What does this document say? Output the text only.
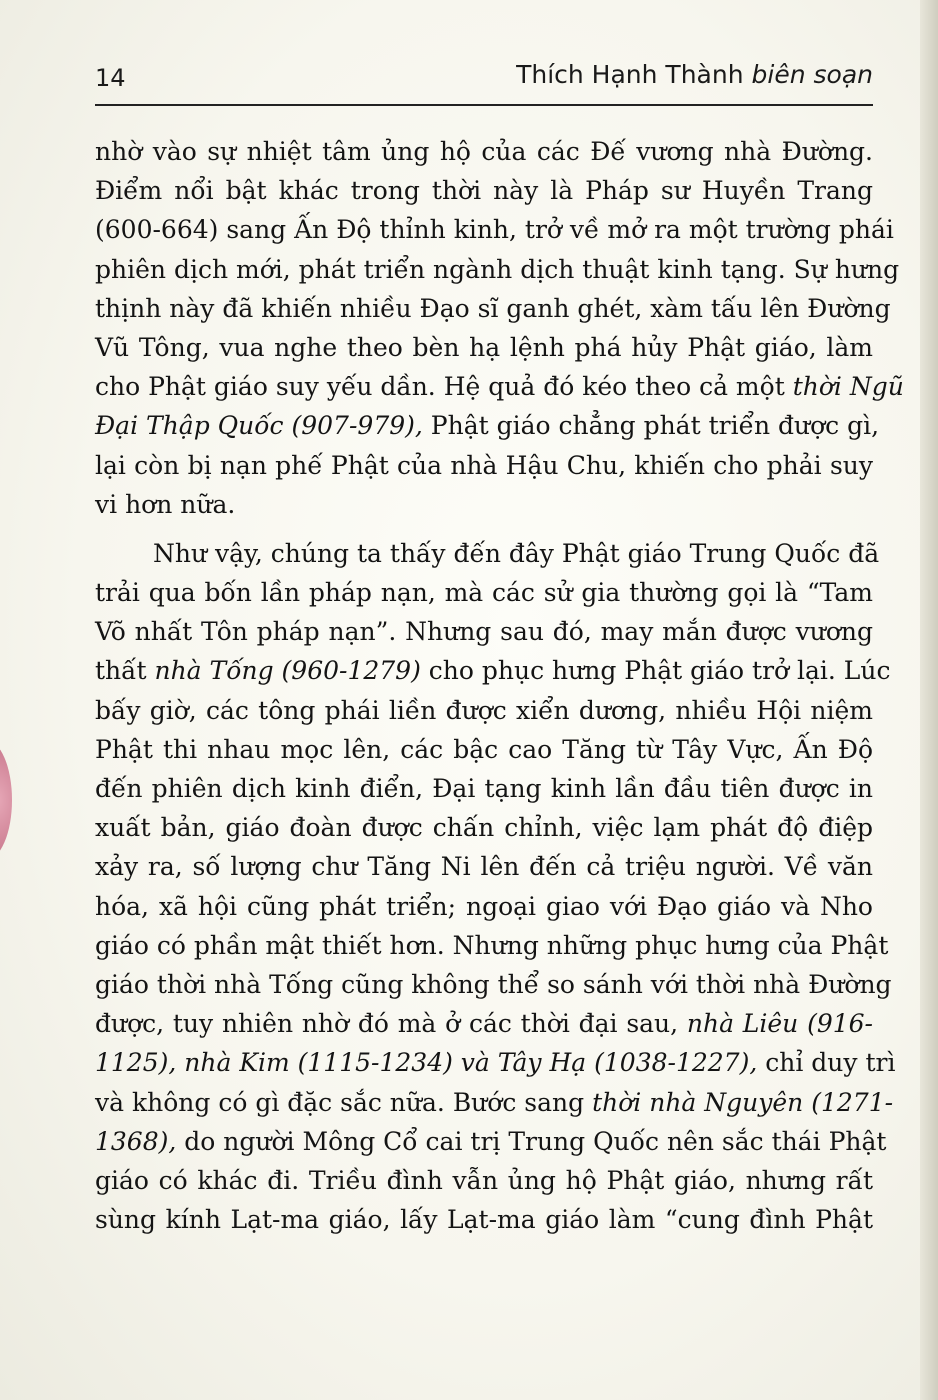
14	Thích Hạnh Thành biên soạn
nhờ vào sự nhiệt tâm ủng hộ của các Đế vương nhà Đường.
Điểm nổi bật khác trong thời này là Pháp sư Huyền Trang
(600-664) sang Ấn Độ thỉnh kinh, trở về mở ra một trường phái
phiên dịch mới, phát triển ngành dịch thuật kinh tạng. Sự hưng
thịnh này đã khiến nhiều Đạo sĩ ganh ghét, xàm tấu lên Đường
Vũ Tông, vua nghe theo bèn hạ lệnh phá hủy Phật giáo, làm
cho Phật giáo suy yếu dần. Hệ quả đó kéo theo cả một thời Ngũ
Đại Thập Quốc (907-979), Phật giáo chẳng phát triển được gì,
lại còn bị nạn phế Phật của nhà Hậu Chu, khiến cho phải suy
vi hơn nữa.
Như vậy, chúng ta thấy đến đây Phật giáo Trung Quốc đã
trải qua bốn lần pháp nạn, mà các sử gia thường gọi là “Tam
Võ nhất Tôn pháp nạn”. Nhưng sau đó, may mắn được vương
thất nhà Tống (960-1279) cho phục hưng Phật giáo trở lại. Lúc
bấy giờ, các tông phái liền được xiển dương, nhiều Hội niệm
Phật thi nhau mọc lên, các bậc cao Tăng từ Tây Vực, Ấn Độ
đến phiên dịch kinh điển, Đại tạng kinh lần đầu tiên được in
xuất bản, giáo đoàn được chấn chỉnh, việc lạm phát độ điệp
xảy ra, số lượng chư Tăng Ni lên đến cả triệu người. Về văn
hóa, xã hội cũng phát triển; ngoại giao với Đạo giáo và Nho
giáo có phần mật thiết hơn. Nhưng những phục hưng của Phật
giáo thời nhà Tống cũng không thể so sánh với thời nhà Đường
được, tuy nhiên nhờ đó mà ở các thời đại sau, nhà Liêu (916-
1125), nhà Kim (1115-1234) và Tây Hạ (1038-1227), chỉ duy trì
và không có gì đặc sắc nữa. Bước sang thời nhà Nguyên (1271-
1368), do người Mông Cổ cai trị Trung Quốc nên sắc thái Phật
giáo có khác đi. Triều đình vẫn ủng hộ Phật giáo, nhưng rất
sùng kính Lạt-ma giáo, lấy Lạt-ma giáo làm “cung đình Phật
